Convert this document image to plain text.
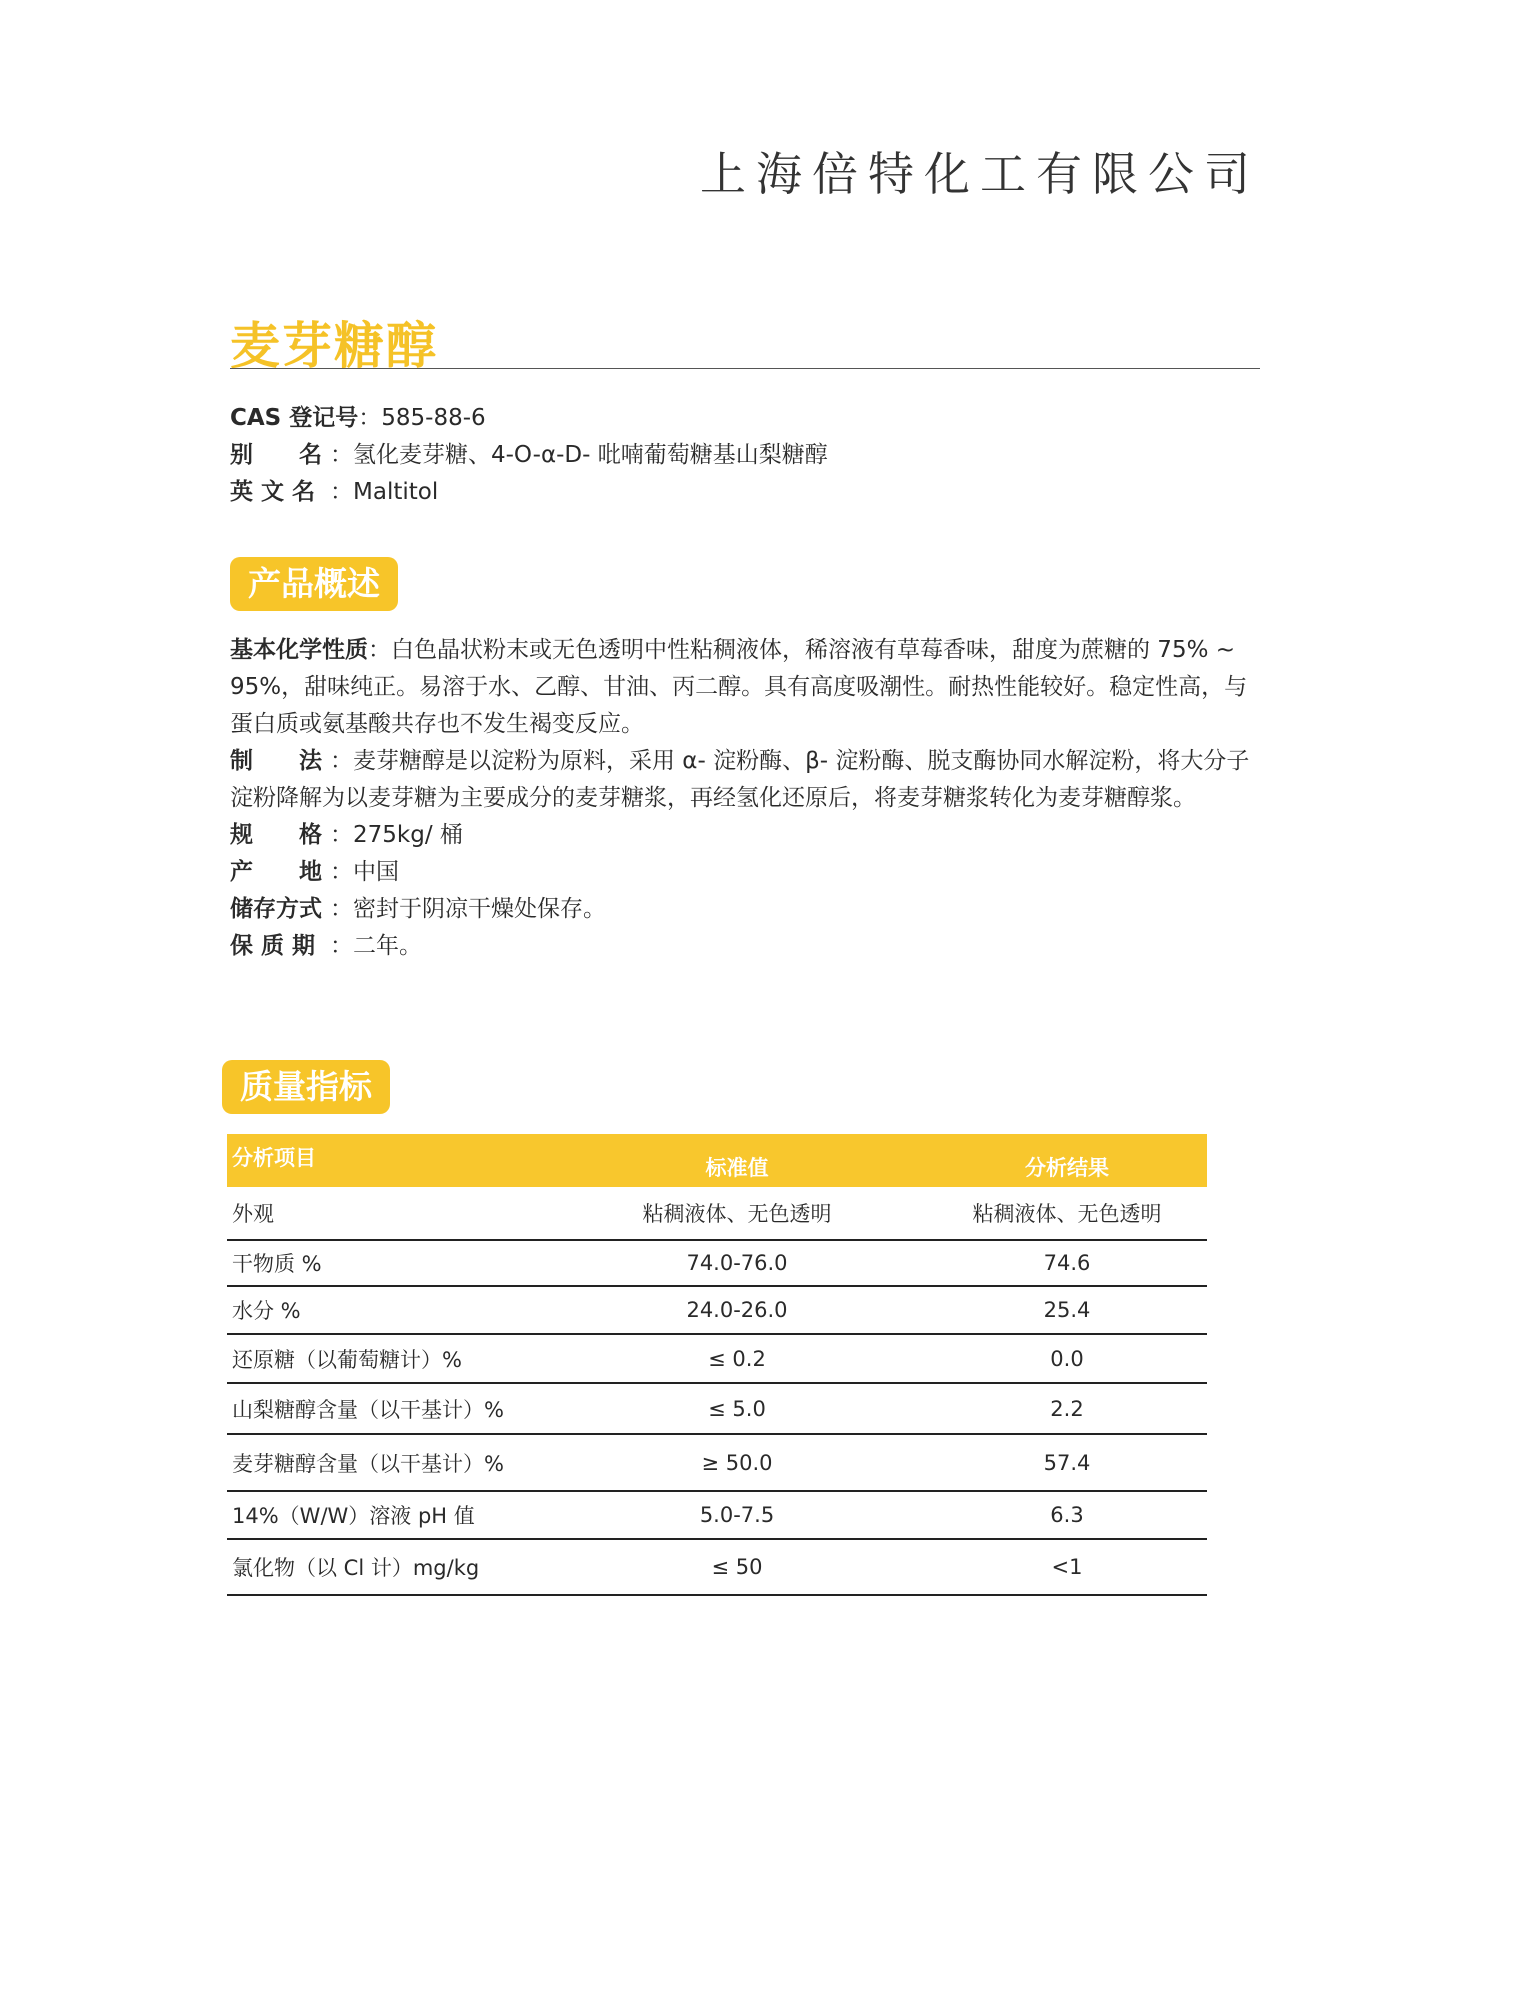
上海倍特化工有限公司
麦芽糖醇
CAS 登记号：585-88-6
别　　名 ：氢化麦芽糖、4-O-α-D- 吡喃葡萄糖基山梨糖醇
英 文 名 ：Maltitol
产品概述

基本化学性质：白色晶状粉末或无色透明中性粘稠液体，稀溶液有草莓香味，甜度为蔗糖的 75% ~ 95%，甜味纯正。易溶于水、乙醇、甘油、丙二醇。具有高度吸潮性。耐热性能较好。稳定性高，与蛋白质或氨基酸共存也不发生褐变反应。

制　　法 ：麦芽糖醇是以淀粉为原料，采用 α- 淀粉酶、β- 淀粉酶、脱支酶协同水解淀粉，将大分子淀粉降解为以麦芽糖为主要成分的麦芽糖浆，再经氢化还原后，将麦芽糖浆转化为麦芽糖醇浆。

规　　格 ：275kg/ 桶

产　　地 ：中国

储存方式 ：密封于阴凉干燥处保存。

保 质 期 ：二年。

质量指标
分析项目	标准值	分析结果
外观	粘稠液体、无色透明	粘稠液体、无色透明
干物质 %	74.0-76.0	74.6
水分 %	24.0-26.0	25.4
还原糖（以葡萄糖计）%	≤ 0.2	0.0
山梨糖醇含量（以干基计）%	≤ 5.0	2.2
麦芽糖醇含量（以干基计）%	≥ 50.0	57.4
14%（W/W）溶液 pH 值	5.0-7.5	6.3
氯化物（以 Cl 计）mg/kg	≤ 50	<1
